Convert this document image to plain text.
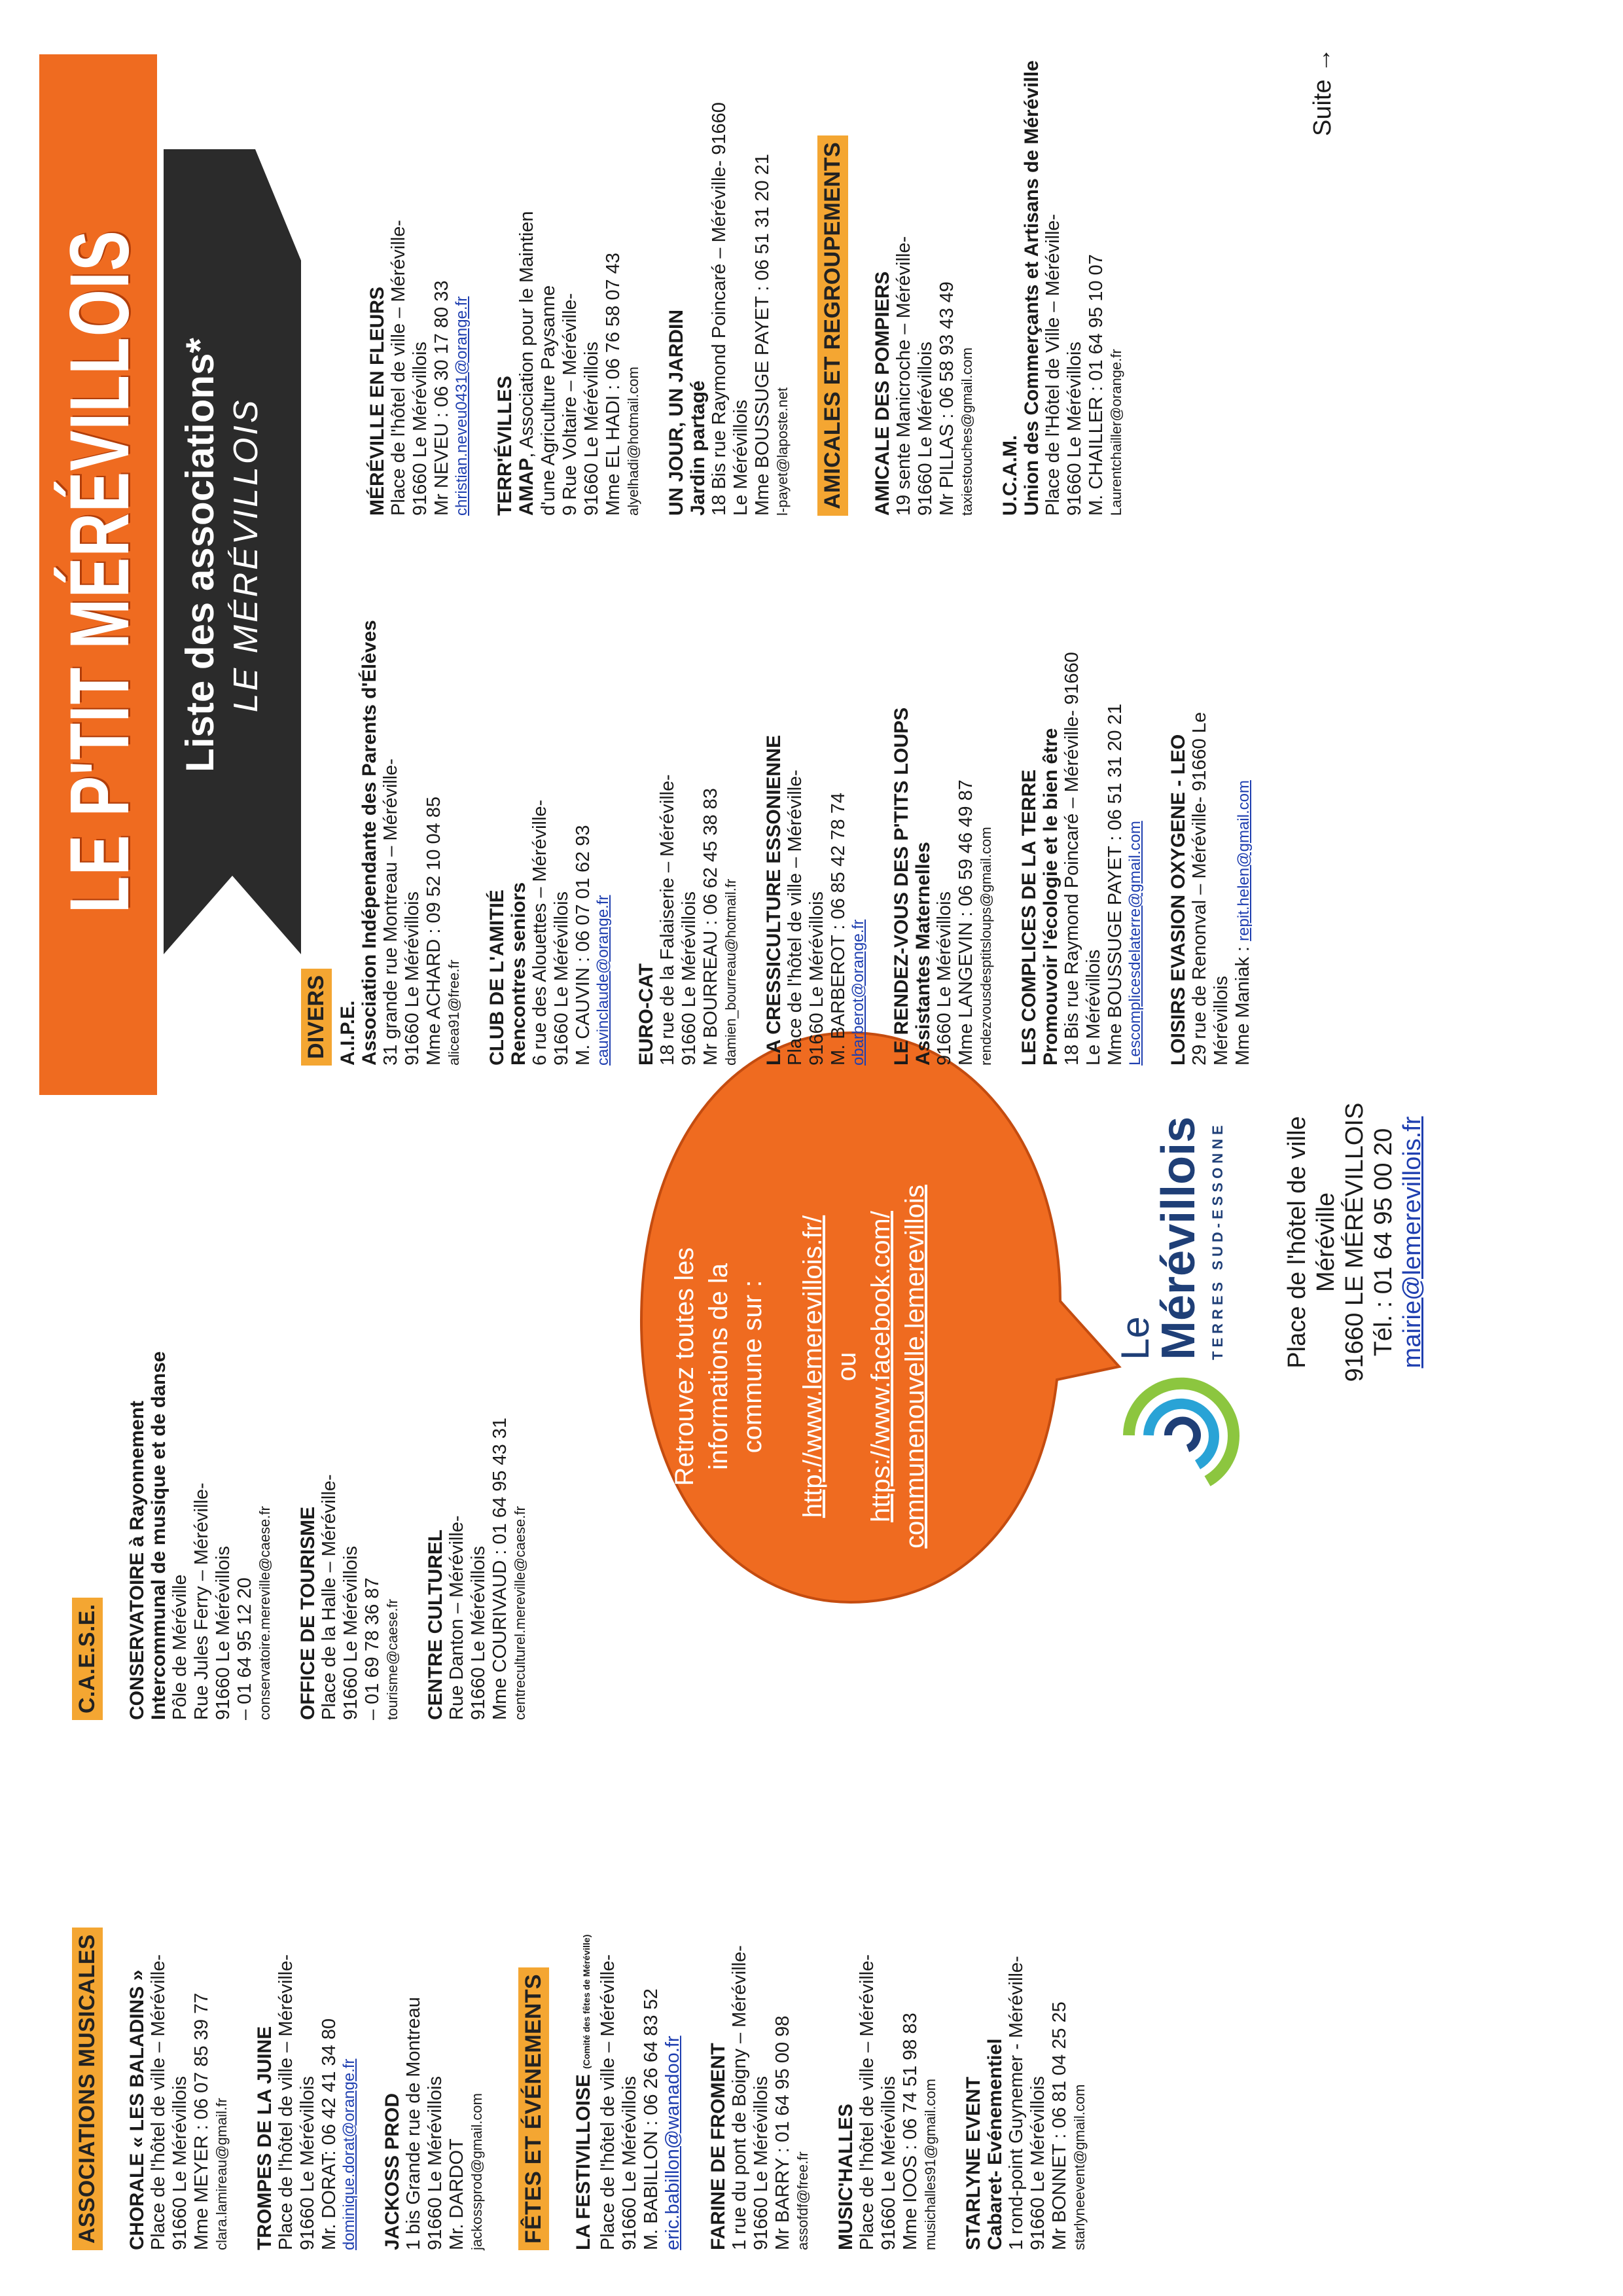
ASSOCIATIONS MUSICALES CHORALE « LES BALADINS » Place de l'hôtel de ville – Méréville- 91660 Le Mérévillois Mme MEYER : 06 07 85 39 77 clara.lamireau@gmail.fr TROMPES DE LA JUINE Place de l'hôtel de ville – Méréville- 91660 Le Mérévillois Mr. DORAT: 06 42 41 34 80 dominique.dorat@orange.fr JACKOSS PROD 1 bis Grande rue de Montreau 91660 Le Mérévillois Mr. DARDOT jackossprod@gmail.com FÊTES ET ÉVÉNEMENTS LA FESTIVILLOISE (Comité des fêtes de Méréville) Place de l'hôtel de ville – Méréville- 91660 Le Mérévillois M. BABILLON : 06 26 64 83 52 eric.babillon@wanadoo.fr FARINE DE FROMENT 1 rue du pont de Boigny – Méréville- 91660 Le Mérévillois Mr BARRY : 01 64 95 00 98 assofdf@free.fr MUSIC'HALLES Place de l'hôtel de ville – Méréville- 91660 Le Mérévillois Mme IOOS : 06 74 51 98 83 musichalles91@gmail.com STARLYNE EVENT Cabaret- Evénementiel 1 rond-point Guynemer - Méréville- 91660 Le Mérévillois Mr BONNET : 06 81 04 25 25 starlyneevent@gmail.com
C.A.E.S.E. CONSERVATOIRE à Rayonnement Intercommunal de musique et de danse Pôle de Méréville Rue Jules Ferry – Méréville- 91660 Le Mérévillois – 01 64 95 12 20 conservatoire.mereville@caese.fr OFFICE DE TOURISME Place de la Halle – Méréville- 91660 Le Mérévillois – 01 69 78 36 87 tourisme@caese.fr CENTRE CULTUREL Rue Danton – Méréville- 91660 Le Mérévillois Mme COURIVAUD : 01 64 95 43 31 centreculturel.mereville@caese.fr
Retrouvez toutes les informations de la commune sur : http://www.lemerevillois.fr/ ou https://www.facebook.com/ communenouvelle.lemerevillois	Le
Mérévillois TERRES SUD-ESSONNE Place de l'hôtel de ville Méréville 91660 LE MÉRÉVILLOIS Tél. : 01 64 95 00 20 mairie@lemerevillois.fr
LE P'TIT MÉRÉVILLOIS Liste des associations* LE MÉRÉVILLOIS
DIVERS A.I.P.E. Association Indépendante des Parents d'Élèves 31 grande rue Montreau – Méréville- 91660 Le Mérévillois Mme ACHARD : 09 52 10 04 85 alicea91@free.fr CLUB DE L'AMITIÉ Rencontres seniors 6 rue des Alouettes – Méréville- 91660 Le Mérévillois M. CAUVIN : 06 07 01 62 93 cauvinclaude@orange.fr EURO-CAT 18 rue de la Falaiserie – Méréville- 91660 Le Mérévillois Mr BOURREAU : 06 62 45 38 83 damien_bourreau@hotmail.fr LA CRESSICULTURE ESSONIENNE Place de l'hôtel de ville – Méréville- 91660 Le Mérévillois M. BARBEROT : 06 85 42 78 74 obarberot@orange.fr LE RENDEZ-VOUS DES P'TITS LOUPS Assistantes Maternelles 91660 Le Mérévillois Mme LANGEVIN : 06 59 46 49 87 rendezvousdesptitsloups@gmail.com LES COMPLICES DE LA TERRE Promouvoir l'écologie et le bien être 18 Bis rue Raymond Poincaré – Méréville- 91660 Le Mérévillois Mme BOUSSUGE PAYET : 06 51 31 20 21 Lescomplicesdelaterre@gmail.com LOISIRS EVASION OXYGENE - LEO 29 rue de Renonval – Méréville- 91660 Le Mérévillois Mme Maniak : repit.helen@gmail.com
MÉRÉVILLE EN FLEURS Place de l'hôtel de ville – Méréville- 91660 Le Mérévillois Mr NEVEU : 06 30 17 80 33 christian.neveu0431@orange.fr TERR'ÉVILLES AMAP, Association pour le Maintien d'une Agriculture Paysanne 9 Rue Voltaire – Méréville- 91660 Le Mérévillois Mme EL HADI : 06 76 58 07 43 alyelhadi@hotmail.com UN JOUR, UN JARDIN Jardin partagé 18 Bis rue Raymond Poincaré – Méréville- 91660 Le Mérévillois Mme BOUSSUGE PAYET : 06 51 31 20 21 l-payet@laposte.net AMICALES ET REGROUPEMENTS AMICALE DES POMPIERS 19 sente Manicroche – Méréville- 91660 Le Mérévillois Mr PILLAS : 06 58 93 43 49 taxiestouches@gmail.com U.C.A.M. Union des Commerçants et Artisans de Méréville Place de l'Hôtel de Ville – Méréville- 91660 Le Mérévillois M. CHAILLER : 01 64 95 10 07 Laurentchailler@orange.fr
Suite →
